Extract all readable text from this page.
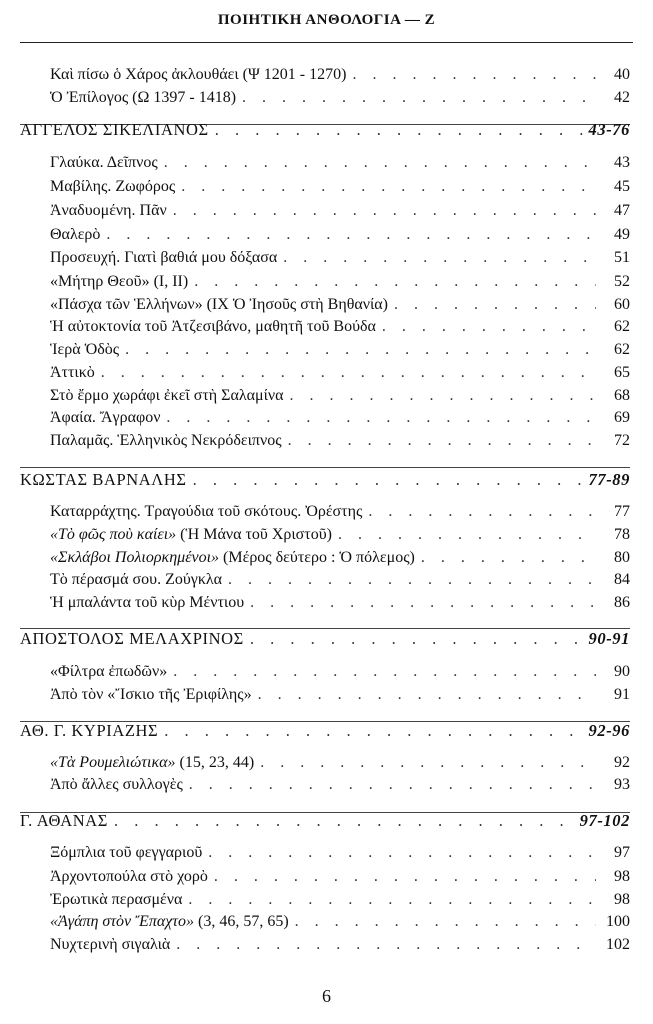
ΠΟΙΗΤΙΚΗ ΑΝΘΟΛΟΓΙΑ — Ζ
Καὶ πίσω ὁ Χάρος ἀκλουθάει (Ψ 1201 - 1270) . . .	40
Ὁ Ἐπίλογος (Ω 1397 - 1418) . . .	42
ΑΓΓΕΛΟΣ ΣΙΚΕΛΙΑΝΟΣ . . .	43-76
Γλαύκα. Δεῖπνος . . .	43
Μαβίλης. Ζωφόρος . . .	45
Ἀναδυομένη. Πᾶν . . .	47
Θαλερὸ . . .	49
Προσευχή. Γιατὶ βαθιά μου δόξασα . . .	51
«Μήτηρ Θεοῦ» (Ι, ΙΙ) . . .	52
«Πάσχα τῶν Ἑλλήνων» (ΙΧ Ὁ Ἰησοῦς στὴ Βηθανία) . . .	60
Ἡ αὐτοκτονία τοῦ Ἀτζεσιβάνο, μαθητῆ τοῦ Βούδα . . .	62
Ἱερὰ Ὁδὸς . . .	62
Ἀττικὸ . . .	65
Στὸ ἔρμο χωράφι ἐκεῖ στὴ Σαλαμίνα . . .	68
Ἀφαία. Ἄγραφον . . .	69
Παλαμᾶς. Ἑλληνικὸς Νεκρόδειπνος . . .	72
ΚΩΣΤΑΣ ΒΑΡΝΑΛΗΣ . . .	77-89
Καταρράχτης. Τραγούδια τοῦ σκότους. Ὀρέστης . . .	77
«Τὸ φῶς ποὺ καίει» (Ἡ Μάνα τοῦ Χριστοῦ) . . .	78
«Σκλάβοι Πολιορκημένοι» (Μέρος δεύτερο : Ὁ πόλεμος) . . .	80
Τὸ πέρασμά σου. Ζούγκλα . . .	84
Ἡ μπαλάντα τοῦ κὺρ Μέντιου . . .	86
ΑΠΟΣΤΟΛΟΣ ΜΕΛΑΧΡΙΝΟΣ . . .	90-91
«Φίλτρα ἐπωδῶν» . . .	90
Ἀπὸ τὸν «Ἴσκιο τῆς Ἐριφίλης» . . .	91
ΑΘ. Γ. ΚΥΡΙΑΖΗΣ . . .	92-96
«Τὰ Ρουμελιώτικα» (15, 23, 44) . . .	92
Ἀπὸ ἄλλες συλλογὲς . . .	93
Γ. ΑΘΑΝΑΣ . . .	97-102
Ξόμπλια τοῦ φεγγαριοῦ . . .	97
Ἀρχοντοπούλα στὸ χορὸ . . .	98
Ἐρωτικὰ περασμένα . . .	98
«Ἀγάπη στὸν Ἔπαχτο» (3, 46, 57, 65) . . .	100
Νυχτερινὴ σιγαλιὰ . . .	102
6
